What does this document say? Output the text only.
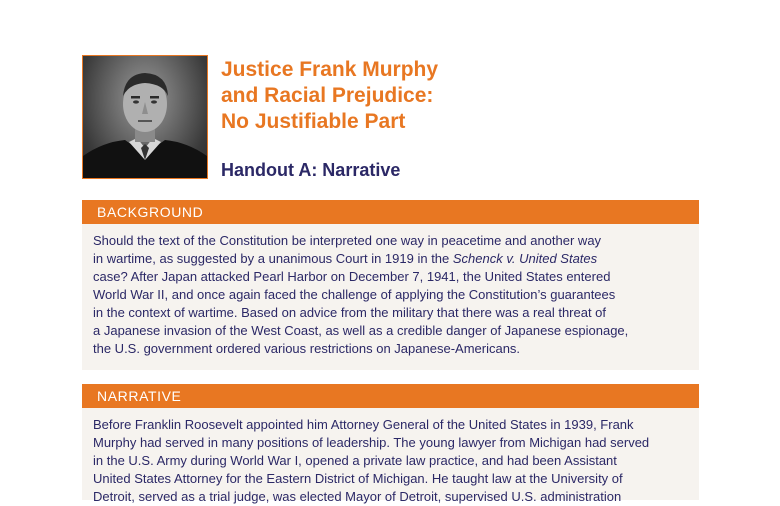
Justice Frank Murphy
and Racial Prejudice:
No Justifiable Part
Handout A: Narrative
BACKGROUND

Should the text of the Constitution be interpreted one way in peacetime and another way
in wartime, as suggested by a unanimous Court in 1919 in the Schenck v. United States
case? After Japan attacked Pearl Harbor on December 7, 1941, the United States entered
World War II, and once again faced the challenge of applying the Constitution’s guarantees
in the context of wartime. Based on advice from the military that there was a real threat of
a Japanese invasion of the West Coast, as well as a credible danger of Japanese espionage,
the U.S. government ordered various restrictions on Japanese-Americans.

NARRATIVE

Before Franklin Roosevelt appointed him Attorney General of the United States in 1939, Frank
Murphy had served in many positions of leadership. The young lawyer from Michigan had served
in the U.S. Army during World War I, opened a private law practice, and had been Assistant
United States Attorney for the Eastern District of Michigan. He taught law at the University of
Detroit, served as a trial judge, was elected Mayor of Detroit, supervised U.S. administration
